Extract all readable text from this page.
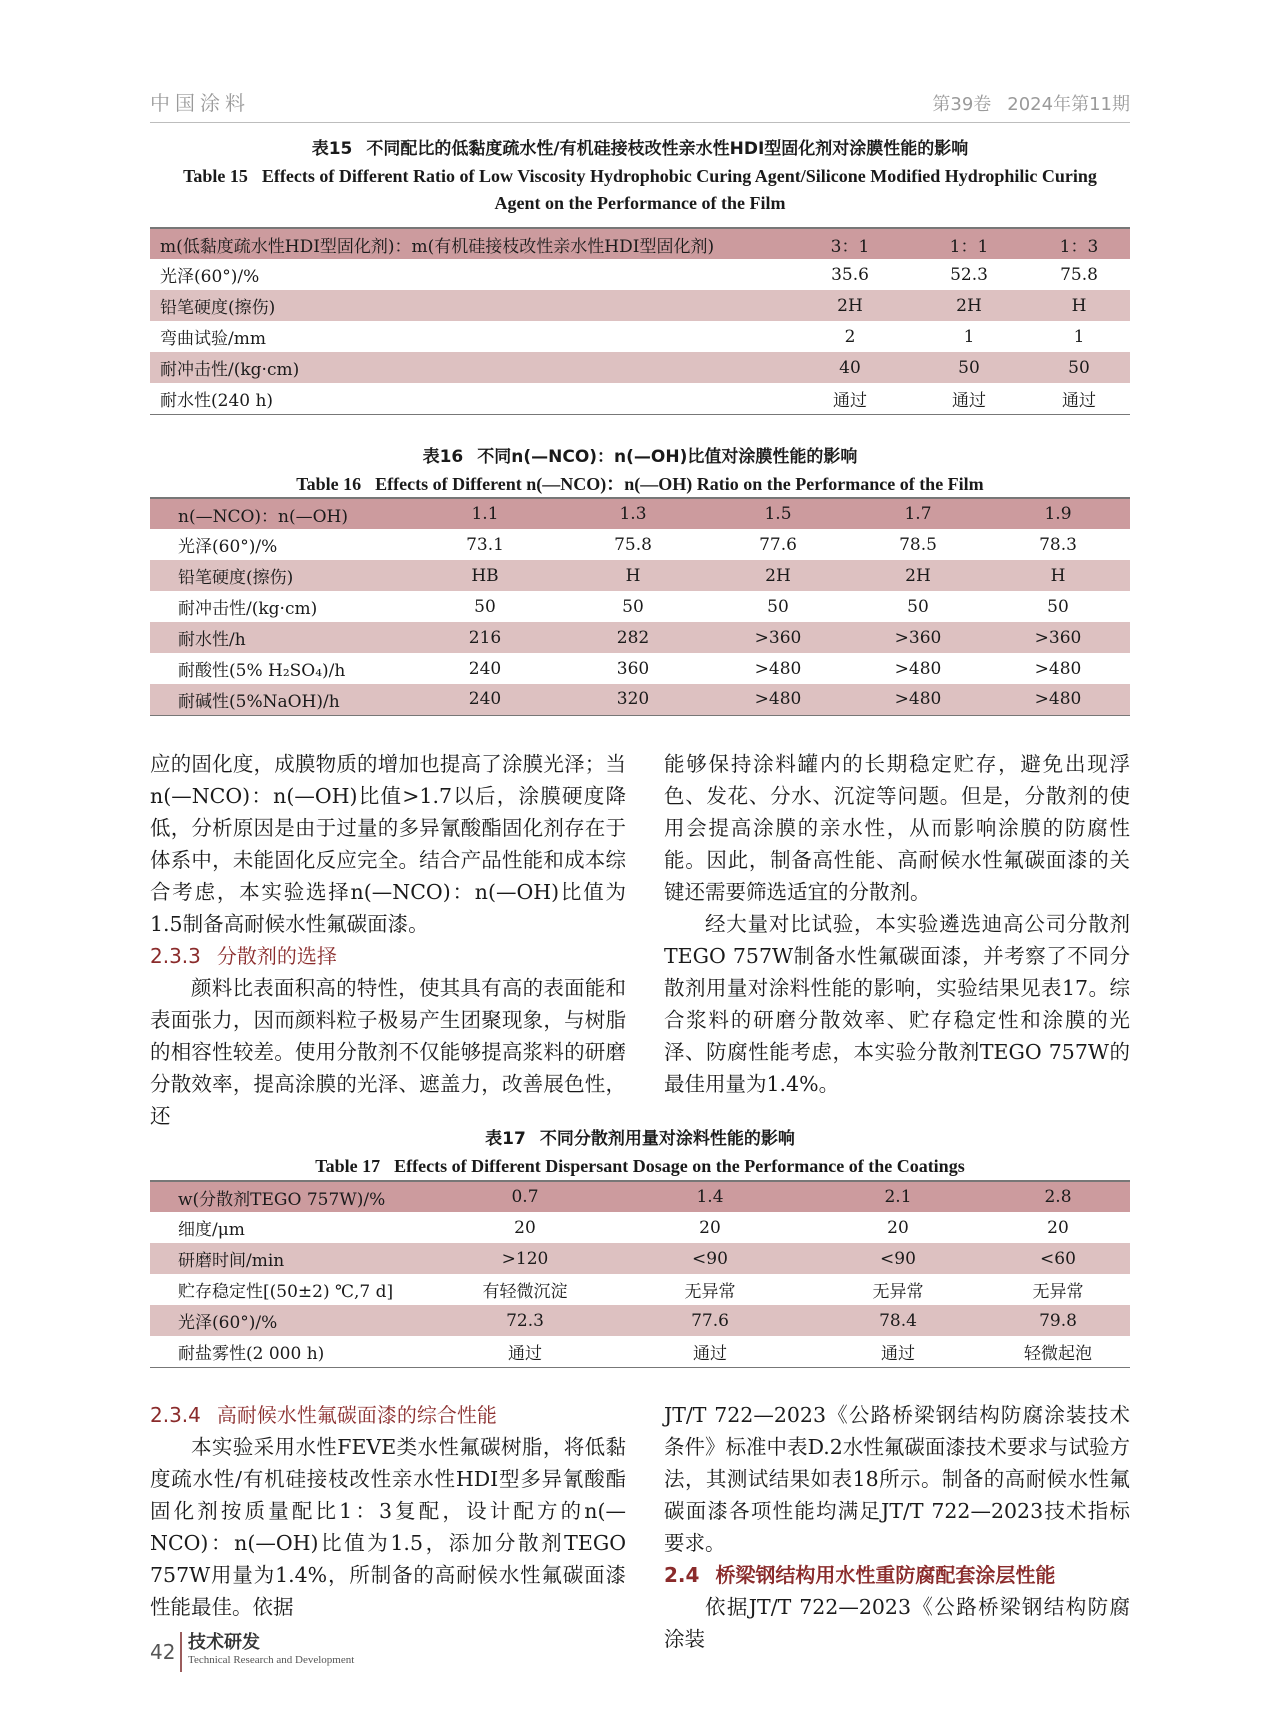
中国涂料	第39卷 2024年第11期
表15 不同配比的低黏度疏水性/有机硅接枝改性亲水性HDI型固化剂对涂膜性能的影响
Table 15 Effects of Different Ratio of Low Viscosity Hydrophobic Curing Agent/Silicone Modified Hydrophilic Curing
Agent on the Performance of the Film
m(低黏度疏水性HDI型固化剂)：m(有机硅接枝改性亲水性HDI型固化剂)	3：1	1：1	1：3
光泽(60°)/%	35.6	52.3	75.8
铅笔硬度(擦伤)	2H	2H	H
弯曲试验/mm	2	1	1
耐冲击性/(kg·cm)	40	50	50
耐水性(240 h)	通过	通过	通过
表16 不同n(—NCO)：n(—OH)比值对涂膜性能的影响
Table 16 Effects of Different n(—NCO)：n(—OH) Ratio on the Performance of the Film
n(—NCO)：n(—OH)	1.1	1.3	1.5	1.7	1.9
光泽(60°)/%	73.1	75.8	77.6	78.5	78.3
铅笔硬度(擦伤)	HB	H	2H	2H	H
耐冲击性/(kg·cm)	50	50	50	50	50
耐水性/h	216	282	>360	>360	>360
耐酸性(5% H₂SO₄)/h	240	360	>480	>480	>480
耐碱性(5%NaOH)/h	240	320	>480	>480	>480

应的固化度，成膜物质的增加也提高了涂膜光泽；当n(—NCO)：n(—OH)比值>1.7以后，涂膜硬度降低，分析原因是由于过量的多异氰酸酯固化剂存在于体系中，未能固化反应完全。结合产品性能和成本综合考虑，本实验选择n(—NCO)：n(—OH)比值为1.5制备高耐候水性氟碳面漆。

2.3.3 分散剂的选择

颜料比表面积高的特性，使其具有高的表面能和表面张力，因而颜料粒子极易产生团聚现象，与树脂的相容性较差。使用分散剂不仅能够提高浆料的研磨分散效率，提高涂膜的光泽、遮盖力，改善展色性，还

能够保持涂料罐内的长期稳定贮存，避免出现浮色、发花、分水、沉淀等问题。但是，分散剂的使用会提高涂膜的亲水性，从而影响涂膜的防腐性能。因此，制备高性能、高耐候水性氟碳面漆的关键还需要筛选适宜的分散剂。

经大量对比试验，本实验遴选迪高公司分散剂TEGO 757W制备水性氟碳面漆，并考察了不同分散剂用量对涂料性能的影响，实验结果见表17。综合浆料的研磨分散效率、贮存稳定性和涂膜的光泽、防腐性能考虑，本实验分散剂TEGO 757W的最佳用量为1.4%。

表17 不同分散剂用量对涂料性能的影响
Table 17 Effects of Different Dispersant Dosage on the Performance of the Coatings
w(分散剂TEGO 757W)/%	0.7	1.4	2.1	2.8
细度/μm	20	20	20	20
研磨时间/min	>120	<90	<90	<60
贮存稳定性[(50±2) ℃,7 d]	有轻微沉淀	无异常	无异常	无异常
光泽(60°)/%	72.3	77.6	78.4	79.8
耐盐雾性(2 000 h)	通过	通过	通过	轻微起泡
2.3.4 高耐候水性氟碳面漆的综合性能

本实验采用水性FEVE类水性氟碳树脂，将低黏度疏水性/有机硅接枝改性亲水性HDI型多异氰酸酯固化剂按质量配比1：3复配，设计配方的n(—NCO)：n(—OH)比值为1.5，添加分散剂TEGO 757W用量为1.4%，所制备的高耐候水性氟碳面漆性能最佳。依据

JT/T 722—2023《公路桥梁钢结构防腐涂装技术条件》标准中表D.2水性氟碳面漆技术要求与试验方法，其测试结果如表18所示。制备的高耐候水性氟碳面漆各项性能均满足JT/T 722—2023技术指标要求。

2.4 桥梁钢结构用水性重防腐配套涂层性能

依据JT/T 722—2023《公路桥梁钢结构防腐涂装

42 技术研发
Technical Research and Development
